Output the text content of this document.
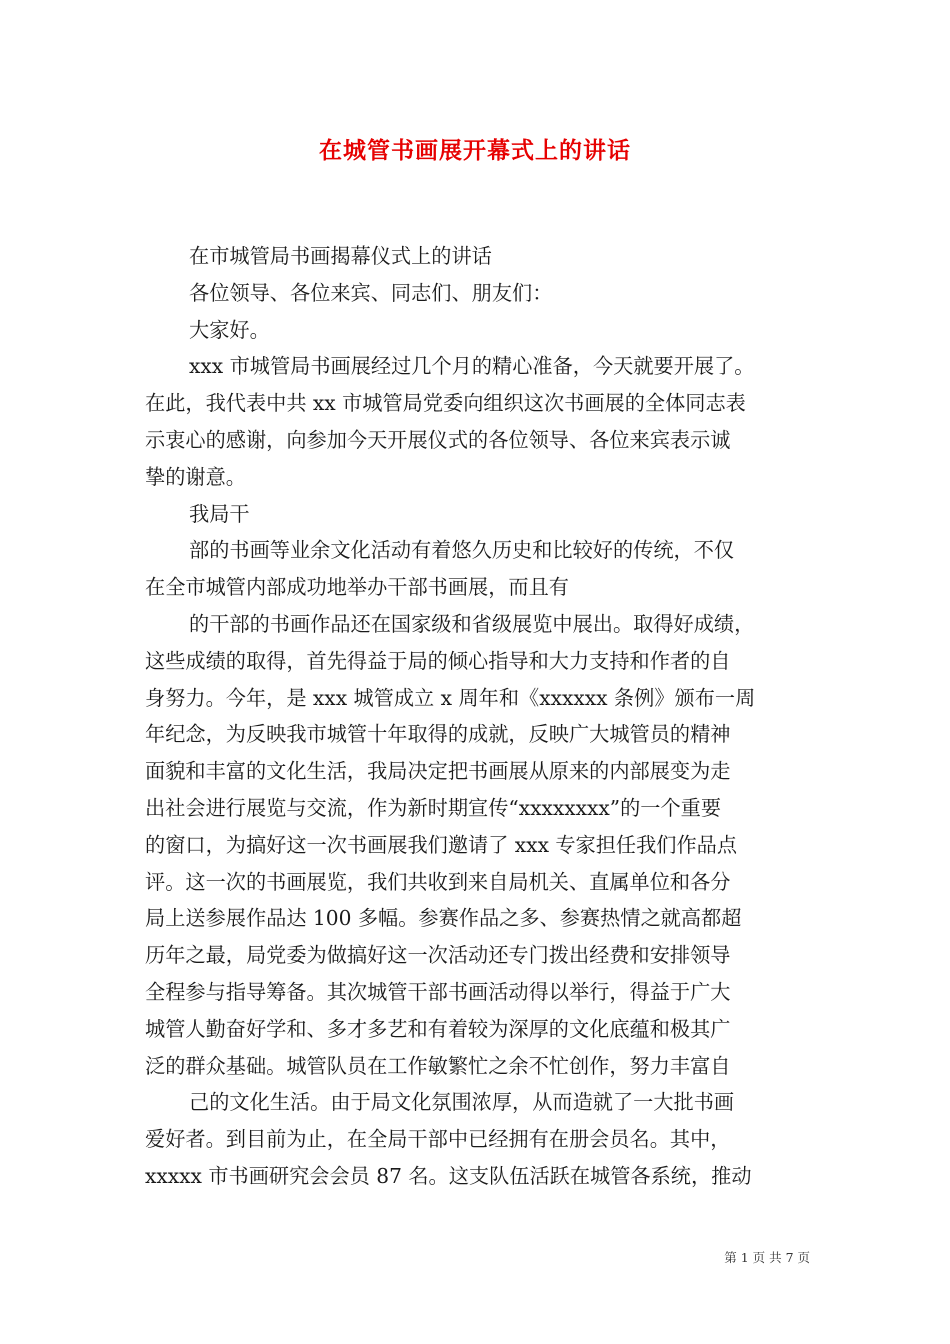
在城管书画展开幕式上的讲话
在市城管局书画揭幕仪式上的讲话
各位领导、各位来宾、同志们、朋友们：
大家好。
xxx 市城管局书画展经过几个月的精心准备，今天就要开展了。
在此，我代表中共 xx 市城管局党委向组织这次书画展的全体同志表
示衷心的感谢，向参加今天开展仪式的各位领导、各位来宾表示诚
挚的谢意。
我局干
部的书画等业余文化活动有着悠久历史和比较好的传统，不仅
在全市城管内部成功地举办干部书画展，而且有
的干部的书画作品还在国家级和省级展览中展出。取得好成绩，
这些成绩的取得，首先得益于局的倾心指导和大力支持和作者的自
身努力。今年，是 xxx 城管成立 x 周年和《xxxxxx 条例》颁布一周
年纪念，为反映我市城管十年取得的成就，反映广大城管员的精神
面貌和丰富的文化生活，我局决定把书画展从原来的内部展变为走
出社会进行展览与交流，作为新时期宣传“xxxxxxxx”的一个重要
的窗口，为搞好这一次书画展我们邀请了 xxx 专家担任我们作品点
评。这一次的书画展览，我们共收到来自局机关、直属单位和各分
局上送参展作品达 100 多幅。参赛作品之多、参赛热情之就高都超
历年之最，局党委为做搞好这一次活动还专门拨出经费和安排领导
全程参与指导筹备。其次城管干部书画活动得以举行，得益于广大
城管人勤奋好学和、多才多艺和有着较为深厚的文化底蕴和极其广
泛的群众基础。城管队员在工作敏繁忙之余不忙创作，努力丰富自
己的文化生活。由于局文化氛围浓厚，从而造就了一大批书画
爱好者。到目前为止，在全局干部中已经拥有在册会员名。其中，
xxxxx 市书画研究会会员 87 名。这支队伍活跃在城管各系统，推动
第 1 页 共 7 页
